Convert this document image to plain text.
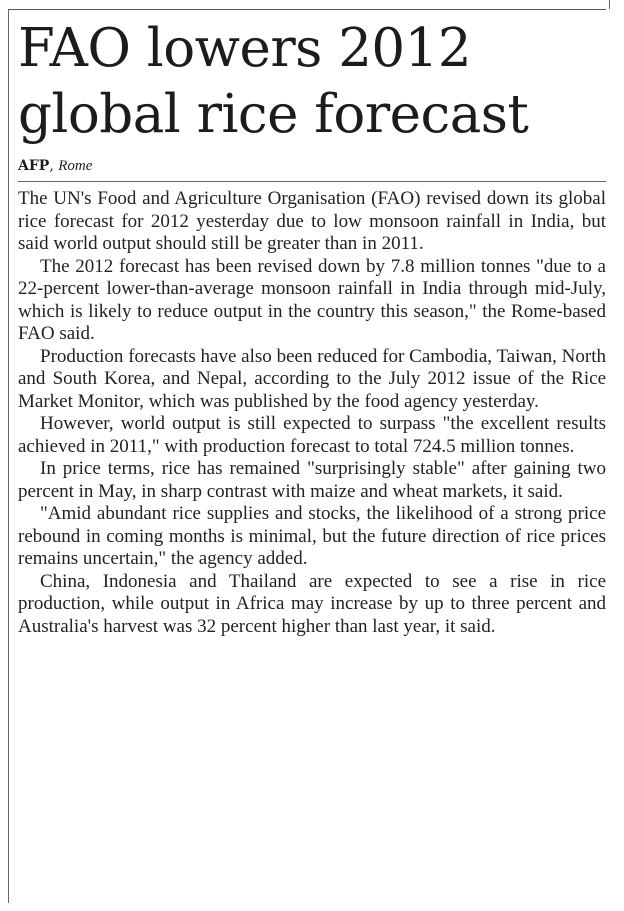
FAO lowers 2012 global rice forecast
AFP, Rome

The UN's Food and Agriculture Organisation (FAO) revised down its global rice forecast for 2012 yesterday due to low monsoon rainfall in India, but said world output should still be greater than in 2011.

The 2012 forecast has been revised down by 7.8 million tonnes "due to a 22-percent lower-than-average monsoon rainfall in India through mid-July, which is likely to reduce output in the country this season," the Rome-based FAO said.

Production forecasts have also been reduced for Cambodia, Taiwan, North and South Korea, and Nepal, according to the July 2012 issue of the Rice Market Monitor, which was published by the food agency yesterday.

However, world output is still expected to surpass "the excellent results achieved in 2011," with production forecast to total 724.5 million tonnes.

In price terms, rice has remained "surprisingly stable" after gaining two percent in May, in sharp contrast with maize and wheat markets, it said.

"Amid abundant rice supplies and stocks, the likelihood of a strong price rebound in coming months is minimal, but the future direction of rice prices remains uncertain," the agency added.

China, Indonesia and Thailand are expected to see a rise in rice production, while output in Africa may increase by up to three percent and Australia's harvest was 32 percent higher than last year, it said.
